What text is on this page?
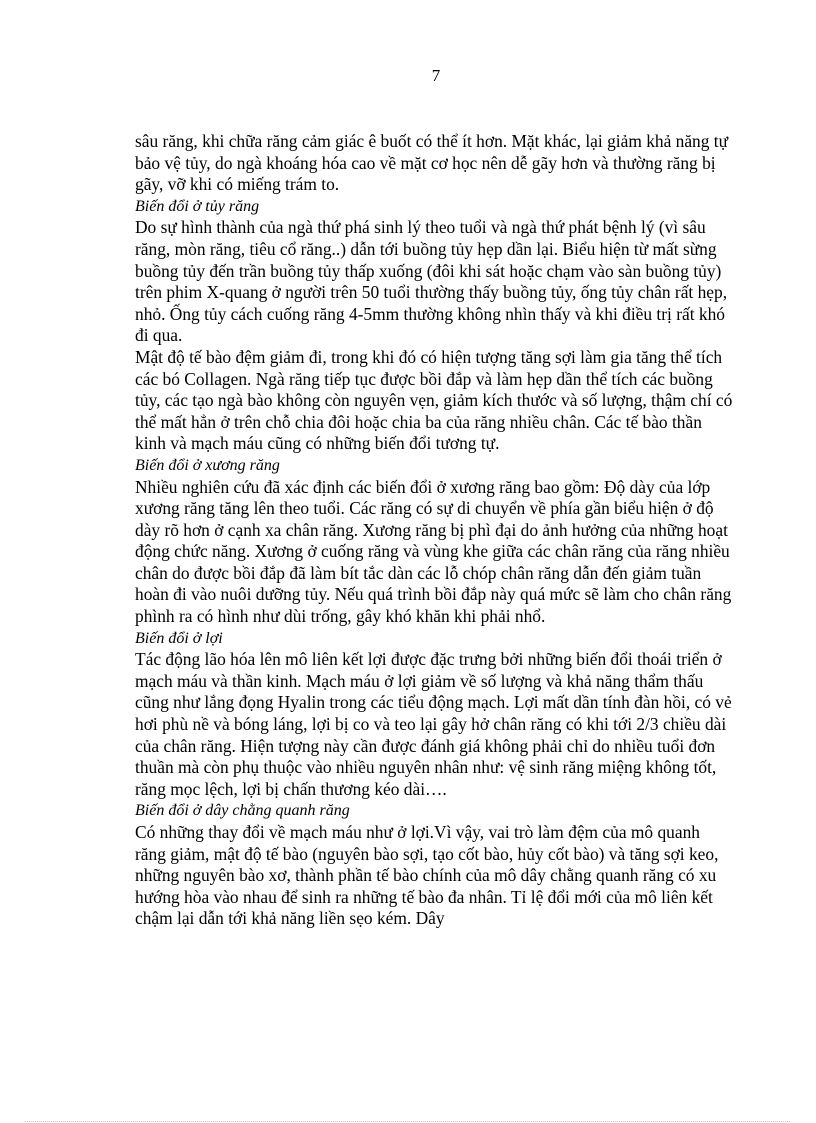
7

sâu răng, khi chữa răng cảm giác ê buốt có thể ít hơn. Mặt khác, lại giảm khả năng tự bảo vệ tủy, do ngà khoáng hóa cao về mặt cơ học nên dễ gãy hơn và thường răng bị gãy, vỡ khi có miếng trám to.

Biến đổi ở tủy răng

Do sự hình thành của ngà thứ phá sinh lý theo tuổi và ngà thứ phát bệnh lý (vì sâu răng, mòn răng, tiêu cổ răng..) dẫn tới buồng tủy hẹp dần lại. Biểu hiện từ mất sừng buồng tủy đến trần buồng tủy thấp xuống (đôi khi sát hoặc chạm vào sàn buồng tủy) trên phim X-quang ở người trên 50 tuổi thường thấy buồng tủy, ống tủy chân rất hẹp, nhỏ. Ống tủy cách cuống răng 4-5mm thường không nhìn thấy và khi điều trị rất khó đi qua.

Mật độ tế bào đệm giảm đi, trong khi đó có hiện tượng tăng sợi làm gia tăng thể tích các bó Collagen. Ngà răng tiếp tục được bồi đắp và làm hẹp dần thể tích các buồng tủy, các tạo ngà bào không còn nguyên vẹn, giảm kích thước và số lượng, thậm chí có thể mất hẳn ở trên chỗ chia đôi hoặc chia ba của răng nhiều chân. Các tế bào thần kinh và mạch máu cũng có những biến đổi tương tự.

Biến đổi ở xương răng

Nhiều nghiên cứu đã xác định các biến đổi ở xương răng bao gồm: Độ dày của lớp xương răng tăng lên theo tuổi. Các răng có sự di chuyển về phía gần biểu hiện ở độ dày rõ hơn ở cạnh xa chân răng. Xương răng bị phì đại do ảnh hưởng của những hoạt động chức năng. Xương ở cuống răng và vùng khe giữa các chân răng của răng nhiều chân do được bồi đắp đã làm bít tắc dàn các lỗ chóp chân răng dẫn đến giảm tuần hoàn đi vào nuôi dưỡng tủy. Nếu quá trình bồi đắp này quá mức sẽ làm cho chân răng phình ra có hình như dùi trống, gây khó khăn khi phải nhổ.

Biến đổi ở lợi

Tác động lão hóa lên mô liên kết lợi được đặc trưng bởi những biến đổi thoái triển ở mạch máu và thần kinh. Mạch máu ở lợi giảm về số lượng và khả năng thẩm thấu cũng như lắng đọng Hyalin trong các tiểu động mạch. Lợi mất dần tính đàn hồi, có vẻ hơi phù nề và bóng láng, lợi bị co và teo lại gây hở chân răng có khi tới 2/3 chiều dài của chân răng. Hiện tượng này cần được đánh giá không phải chỉ do nhiều tuổi đơn thuần mà còn phụ thuộc vào nhiều nguyên nhân như: vệ sinh răng miệng không tốt, răng mọc lệch, lợi bị chấn thương kéo dài….

Biến đổi ở dây chằng quanh răng

Có những thay đổi về mạch máu như ở lợi.Vì vậy, vai trò làm đệm của mô quanh răng giảm, mật độ tế bào (nguyên bào sợi, tạo cốt bào, hủy cốt bào) và tăng sợi keo, những nguyên bào xơ, thành phần tế bào chính của mô dây chằng quanh răng có xu hướng hòa vào nhau để sinh ra những tế bào đa nhân. Tỉ lệ đổi mới của mô liên kết chậm lại dẫn tới khả năng liền sẹo kém. Dây
